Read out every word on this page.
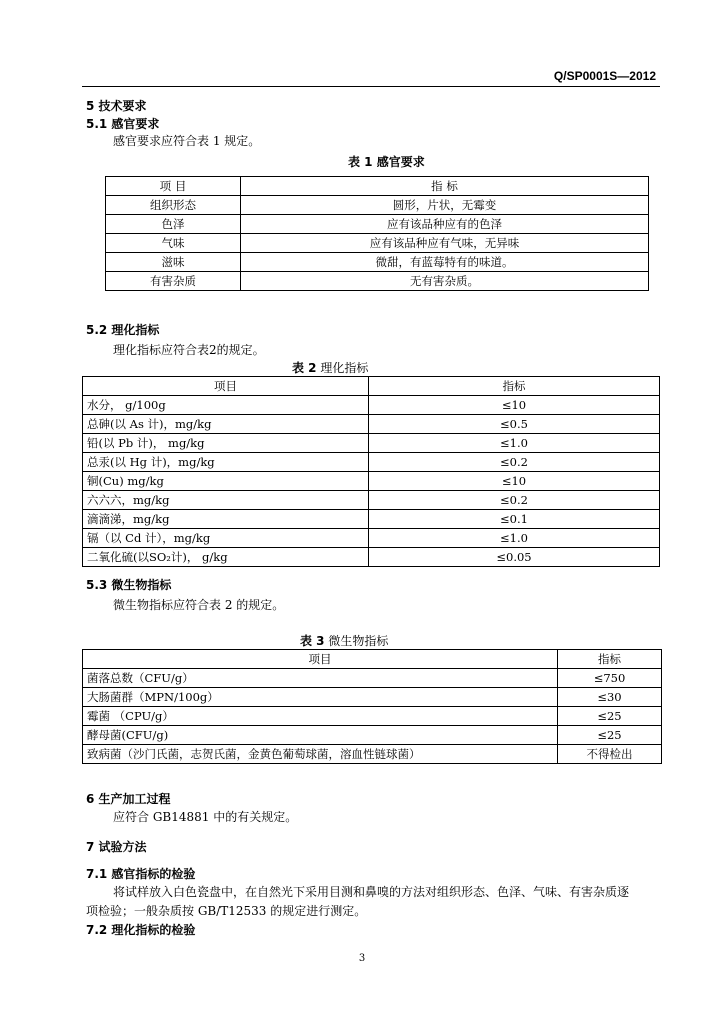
Q/SP0001S—2012
5 技术要求
5.1 感官要求
感官要求应符合表 1 规定。
表 1 感官要求
项 目	指 标
组织形态	圆形，片状，无霉变
色泽	应有该品种应有的色泽
气味	应有该品种应有气味，无异味
滋味	微甜，有蓝莓特有的味道。
有害杂质	无有害杂质。
5.2 理化指标
理化指标应符合表2的规定。
表 2 理化指标
项目	指标
水分， g/100g	≤10
总砷(以 As 计)，mg/kg	≤0.5
铅(以 Pb 计)， mg/kg	≤1.0
总汞(以 Hg 计)，mg/kg	≤0.2
铜(Cu) mg/kg	≤10
六六六，mg/kg	≤0.2
滴滴涕，mg/kg	≤0.1
镉（以 Cd 计），mg/kg	≤1.0
二氧化硫(以SO₂计)， g/kg	≤0.05
5.3 微生物指标
微生物指标应符合表 2 的规定。
表 3 微生物指标
项目	指标
菌落总数（CFU/g）	≤750
大肠菌群（MPN/100g）	≤30
霉菌 （CPU/g）	≤25
酵母菌(CFU/g)	≤25
致病菌（沙门氏菌，志贺氏菌，金黄色葡萄球菌，溶血性链球菌）	不得检出
6 生产加工过程
应符合 GB14881 中的有关规定。
7 试验方法
7.1 感官指标的检验
将试样放入白色瓷盘中，在自然光下采用目测和鼻嗅的方法对组织形态、色泽、气味、有害杂质逐
项检验；一般杂质按 GB/T12533 的规定进行测定。
7.2 理化指标的检验
3
